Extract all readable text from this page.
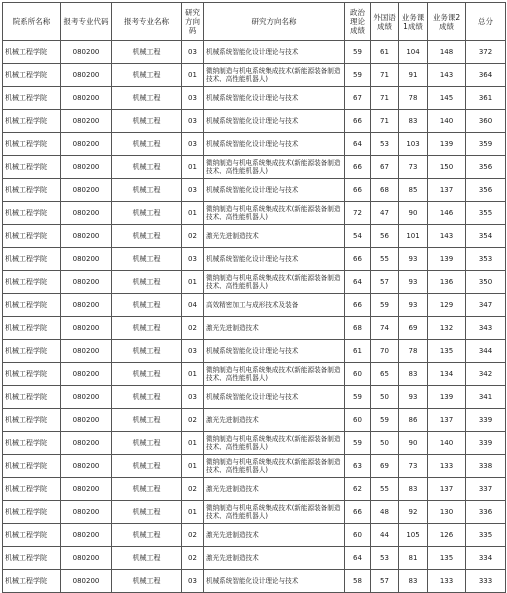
院系所名称	报考专业代码	报考专业名称	研究方向码	研究方向名称	政治理论成绩	外国语成绩	业务课1成绩	业务课2成绩	总分
机械工程学院	080200	机械工程	03	机械系统智能化设计理论与技术	59	61	104	148	372
机械工程学院	080200	机械工程	01	微纳制造与机电系统集成技术(新能源装备制造技术、高性能机器人)	59	71	91	143	364
机械工程学院	080200	机械工程	03	机械系统智能化设计理论与技术	67	71	78	145	361
机械工程学院	080200	机械工程	03	机械系统智能化设计理论与技术	66	71	83	140	360
机械工程学院	080200	机械工程	03	机械系统智能化设计理论与技术	64	53	103	139	359
机械工程学院	080200	机械工程	01	微纳制造与机电系统集成技术(新能源装备制造技术、高性能机器人)	66	67	73	150	356
机械工程学院	080200	机械工程	03	机械系统智能化设计理论与技术	66	68	85	137	356
机械工程学院	080200	机械工程	01	微纳制造与机电系统集成技术(新能源装备制造技术、高性能机器人)	72	47	90	146	355
机械工程学院	080200	机械工程	02	激光先进制造技术	54	56	101	143	354
机械工程学院	080200	机械工程	03	机械系统智能化设计理论与技术	66	55	93	139	353
机械工程学院	080200	机械工程	01	微纳制造与机电系统集成技术(新能源装备制造技术、高性能机器人)	64	57	93	136	350
机械工程学院	080200	机械工程	04	高效精密加工与成形技术及装备	66	59	93	129	347
机械工程学院	080200	机械工程	02	激光先进制造技术	68	74	69	132	343
机械工程学院	080200	机械工程	03	机械系统智能化设计理论与技术	61	70	78	135	344
机械工程学院	080200	机械工程	01	微纳制造与机电系统集成技术(新能源装备制造技术、高性能机器人)	60	65	83	134	342
机械工程学院	080200	机械工程	03	机械系统智能化设计理论与技术	59	50	93	139	341
机械工程学院	080200	机械工程	02	激光先进制造技术	60	59	86	137	339
机械工程学院	080200	机械工程	01	微纳制造与机电系统集成技术(新能源装备制造技术、高性能机器人)	59	50	90	140	339
机械工程学院	080200	机械工程	01	微纳制造与机电系统集成技术(新能源装备制造技术、高性能机器人)	63	69	73	133	338
机械工程学院	080200	机械工程	02	激光先进制造技术	62	55	83	137	337
机械工程学院	080200	机械工程	01	微纳制造与机电系统集成技术(新能源装备制造技术、高性能机器人)	66	48	92	130	336
机械工程学院	080200	机械工程	02	激光先进制造技术	60	44	105	126	335
机械工程学院	080200	机械工程	02	激光先进制造技术	64	53	81	135	334
机械工程学院	080200	机械工程	03	机械系统智能化设计理论与技术	58	57	83	133	333
